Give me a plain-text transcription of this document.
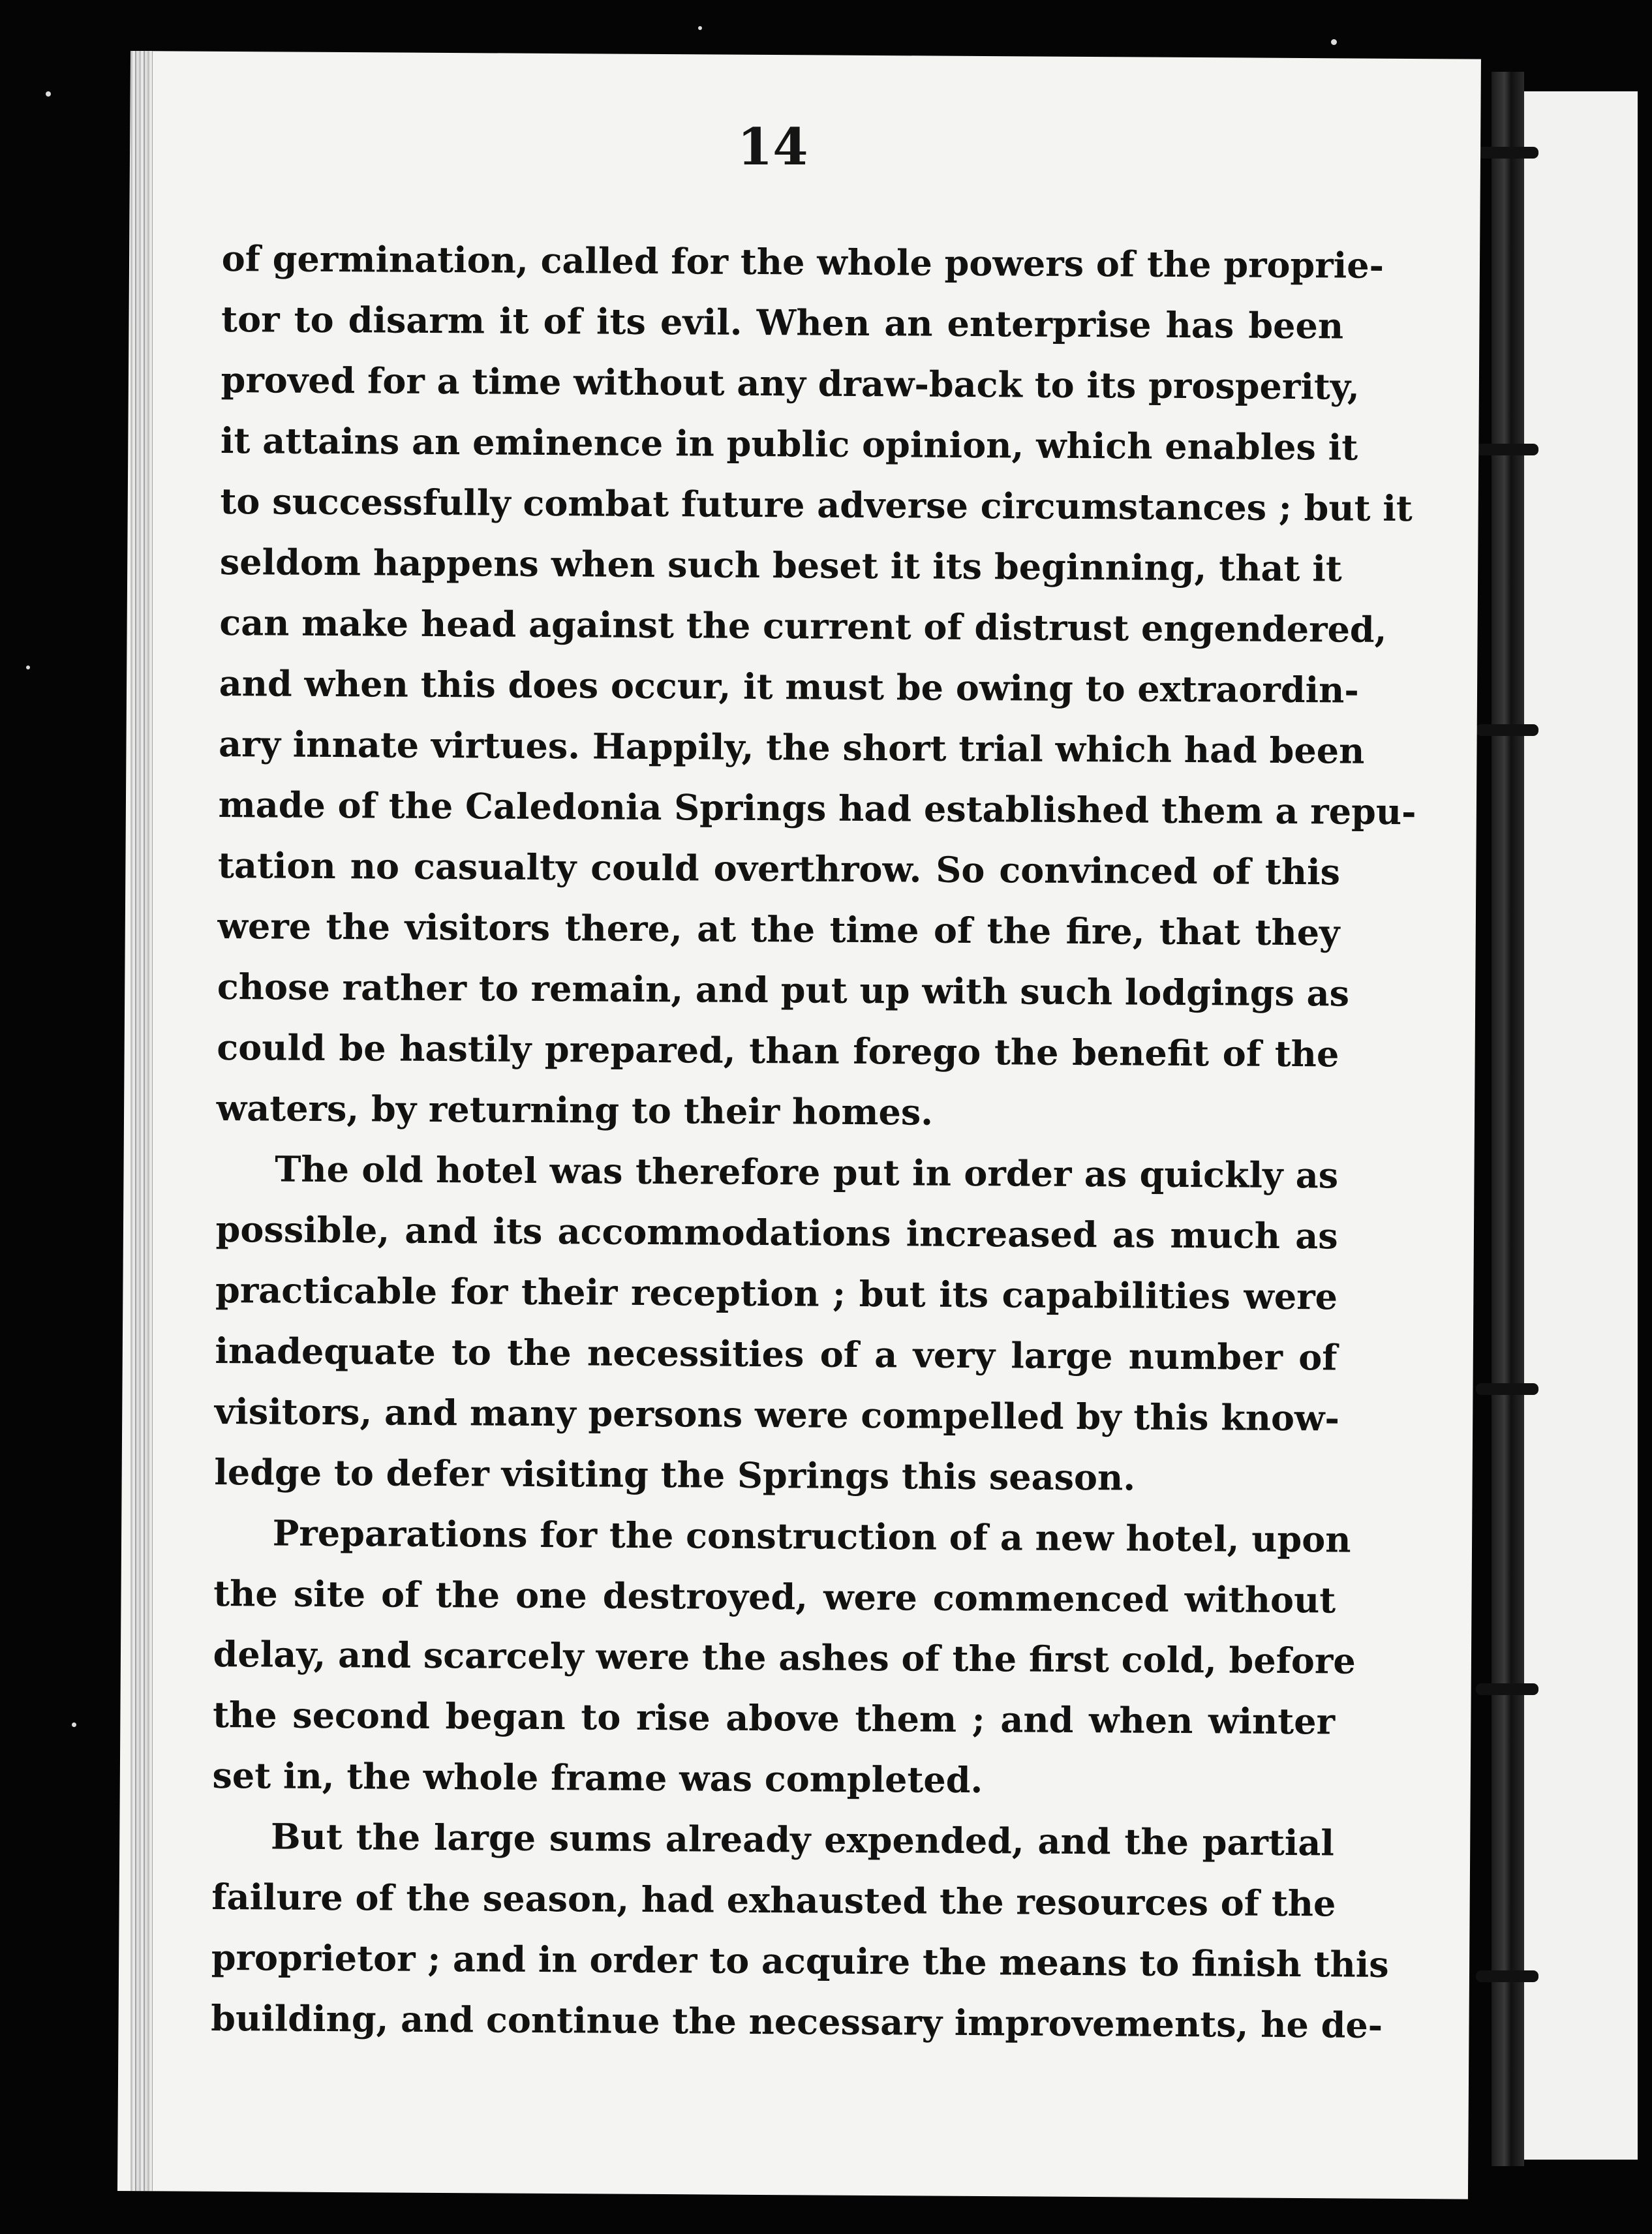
14
of germination, called for the whole powers of the proprie-
tor to disarm it of its evil. When an enterprise has been
proved for a time without any draw-back to its prosperity,
it attains an eminence in public opinion, which enables it
to successfully combat future adverse circumstances ; but it
seldom happens when such beset it its beginning, that it
can make head against the current of distrust engendered,
and when this does occur, it must be owing to extraordin-
ary innate virtues. Happily, the short trial which had been
made of the Caledonia Springs had established them a repu-
tation no casualty could overthrow. So convinced of this
were the visitors there, at the time of the fire, that they
chose rather to remain, and put up with such lodgings as
could be hastily prepared, than forego the benefit of the
waters, by returning to their homes.
The old hotel was therefore put in order as quickly as
possible, and its accommodations increased as much as
practicable for their reception ; but its capabilities were
inadequate to the necessities of a very large number of
visitors, and many persons were compelled by this know-
ledge to defer visiting the Springs this season.
Preparations for the construction of a new hotel, upon
the site of the one destroyed, were commenced without
delay, and scarcely were the ashes of the first cold, before
the second began to rise above them ; and when winter
set in, the whole frame was completed.
But the large sums already expended, and the partial
failure of the season, had exhausted the resources of the
proprietor ; and in order to acquire the means to finish this
building, and continue the necessary improvements, he de-
